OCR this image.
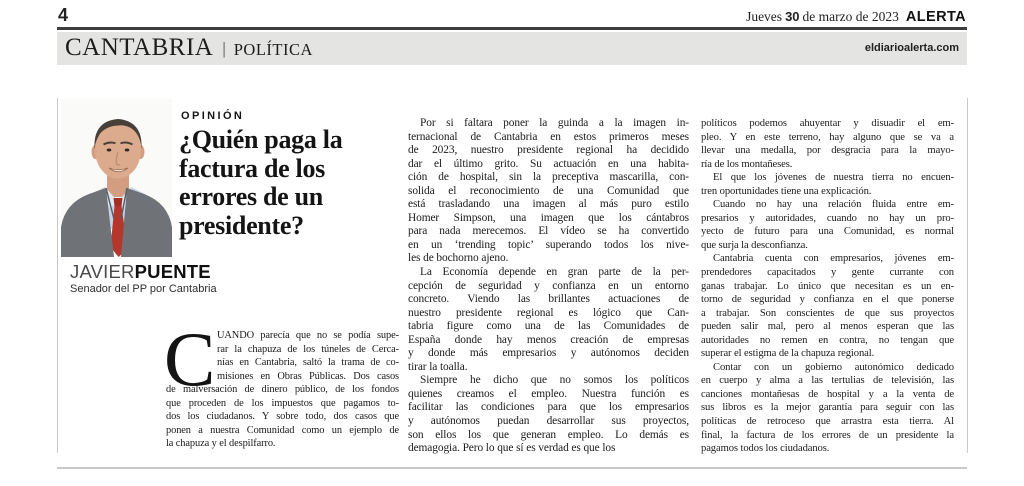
4	Jueves 30 de marzo de 2023 ALERTA
CANTABRIA | POLÍTICA	eldiarioalerta.com
OPINIÓN
¿Quién paga la
factura de los
errores de un
presidente?
JAVIERPUENTE
Senador del PP por Cantabria
C UANDO parecía que no se podía supe-
rar la chapuza de los túneles de Cerca-
nías en Cantabria, saltó la trama de co-
misiones en Obras Públicas. Dos casos
de malversación de dinero público, de los fondos
que proceden de los impuestos que pagamos to-
dos los ciudadanos. Y sobre todo, dos casos que
ponen a nuestra Comunidad como un ejemplo de
la chapuza y el despilfarro.
Por si faltara poner la guinda a la imagen in-
ternacional de Cantabria en estos primeros meses
de 2023, nuestro presidente regional ha decidido
dar el último grito. Su actuación en una habita-
ción de hospital, sin la preceptiva mascarilla, con-
solida el reconocimiento de una Comunidad que
está trasladando una imagen al más puro estilo
Homer Simpson, una imagen que los cántabros
para nada merecemos. El vídeo se ha convertido
en un ‘trending topic’ superando todos los nive-
les de bochorno ajeno.
La Economía depende en gran parte de la per-
cepción de seguridad y confianza en un entorno
concreto. Viendo las brillantes actuaciones de
nuestro presidente regional es lógico que Can-
tabria figure como una de las Comunidades de
España donde hay menos creación de empresas
y donde más empresarios y autónomos deciden
tirar la toalla.
Siempre he dicho que no somos los políticos
quienes creamos el empleo. Nuestra función es
facilitar las condiciones para que los empresarios
y autónomos puedan desarrollar sus proyectos,
son ellos los que generan empleo. Lo demás es
demagogia. Pero lo que sí es verdad es que los
políticos podemos ahuyentar y disuadir el em-
pleo. Y en este terreno, hay alguno que se va a
llevar una medalla, por desgracia para la mayo-
ría de los montañeses.
El que los jóvenes de nuestra tierra no encuen-
tren oportunidades tiene una explicación.
Cuando no hay una relación fluida entre em-
presarios y autoridades, cuando no hay un pro-
yecto de futuro para una Comunidad, es normal
que surja la desconfianza.
Cantabria cuenta con empresarios, jóvenes em-
prendedores capacitados y gente currante con
ganas trabajar. Lo único que necesitan es un en-
torno de seguridad y confianza en el que ponerse
a trabajar. Son conscientes de que sus proyectos
pueden salir mal, pero al menos esperan que las
autoridades no remen en contra, no tengan que
superar el estigma de la chapuza regional.
Contar con un gobierno autonómico dedicado
en cuerpo y alma a las tertulias de televisión, las
canciones montañesas de hospital y a la venta de
sus libros es la mejor garantía para seguir con las
políticas de retroceso que arrastra esta tierra. Al
final, la factura de los errores de un presidente la
pagamos todos los ciudadanos.
